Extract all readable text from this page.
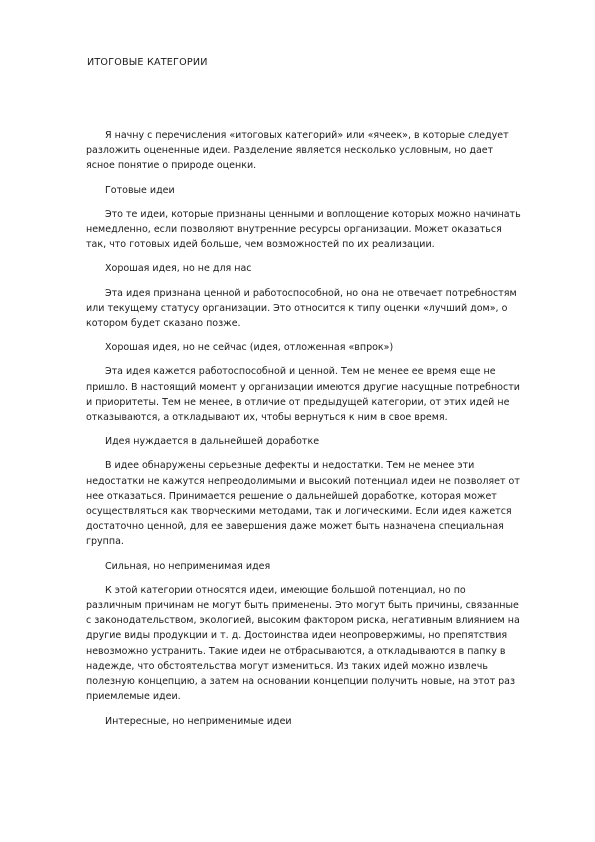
ИТОГОВЫЕ КАТЕГОРИИ

Я начну с перечисления «итоговых категорий» или «ячеек», в которые следует разложить оцененные идеи. Разделение является несколько условным, но дает ясное понятие о природе оценки.

Готовые идеи

Это те идеи, которые признаны ценными и воплощение которых можно начинать немедленно, если позволяют внутренние ресурсы организации. Может оказаться так, что готовых идей больше, чем возможностей по их реализации.

Хорошая идея, но не для нас

Эта идея признана ценной и работоспособной, но она не отвечает потребностям или текущему статусу организации. Это относится к типу оценки «лучший дом», о котором будет сказано позже.

Хорошая идея, но не сейчас (идея, отложенная «впрок»)

Эта идея кажется работоспособной и ценной. Тем не менее ее время еще не пришло. В настоящий момент у организации имеются другие насущные потребности и приоритеты. Тем не менее, в отличие от предыдущей категории, от этих идей не отказываются, а откладывают их, чтобы вернуться к ним в свое время.

Идея нуждается в дальнейшей доработке

В идее обнаружены серьезные дефекты и недостатки. Тем не менее эти недостатки не кажутся непреодолимыми и высокий потенциал идеи не позволяет от нее отказаться. Принимается решение о дальнейшей доработке, которая может осуществляться как творческими методами, так и логическими. Если идея кажется достаточно ценной, для ее завершения даже может быть назначена специальная группа.

Сильная, но неприменимая идея

К этой категории относятся идеи, имеющие большой потенциал, но по различным причинам не могут быть применены. Это могут быть причины, связанные с законодательством, экологией, высоким фактором риска, негативным влиянием на другие виды продукции и т. д. Достоинства идеи неопровержимы, но препятствия невозможно устранить. Такие идеи не отбрасываются, а откладываются в папку в надежде, что обстоятельства могут измениться. Из таких идей можно извлечь полезную концепцию, а затем на основании концепции получить новые, на этот раз приемлемые идеи.

Интересные, но неприменимые идеи
